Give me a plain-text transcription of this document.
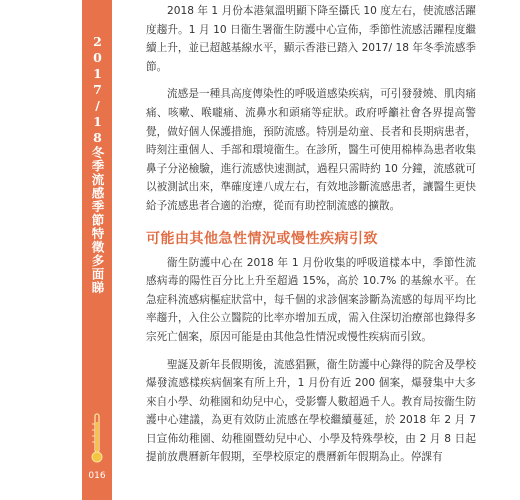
2017/18冬季流感季節特徵多面睇
016

2018 年 1 月份本港氣溫明顯下降至攝氏 10 度左右，使流感活躍度趨升。1 月 10 日衞生署衞生防護中心宣佈，季節性流感活躍程度繼續上升，並已超越基線水平，顯示香港已踏入 2017/ 18 年冬季流感季節。

流感是一種具高度傳染性的呼吸道感染疾病，可引發發燒、肌肉痛痛、咳嗽、喉嚨痛、流鼻水和頭痛等症狀。政府呼籲社會各界提高警覺，做好個人保護措施，預防流感。特別是幼童、長者和長期病患者，時刻注重個人、手部和環境衞生。在診所，醫生可使用棉棒為患者收集鼻子分泌檢驗，進行流感快速測試，過程只需時約 10 分鐘，流感就可以被測試出來，準確度達八成左右，有效地診斷流感患者，讓醫生更快給予流感患者合適的治療，從而有助控制流感的擴散。

可能由其他急性情況或慢性疾病引致

衞生防護中心在 2018 年 1 月份收集的呼吸道樣本中，季節性流感病毒的陽性百分比上升至超過 15%，高於 10.7% 的基線水平。在急症科流感病樞症狀當中，每千個的求診個案診斷為流感的每周平均比率趨升，入住公立醫院的比率亦增加五成，需入住深切治療部也錄得多宗死亡個案，原因可能是由其他急性情況或慢性疾病而引致。

聖誕及新年長假期後，流感猖獗，衞生防護中心錄得的院舍及學校爆發流感樣疾病個案有所上升，1 月份有近 200 個案，爆發集中大多來自小學、幼稚園和幼兒中心，受影響人數超過千人。教育局按衞生防護中心建議，為更有效防止流感在學校繼續蔓延，於 2018 年 2 月 7 日宣佈幼稚園、幼稚園暨幼兒中心、小學及特殊學校，由 2 月 8 日起提前放農曆新年假期，至學校原定的農曆新年假期為止。停課有
